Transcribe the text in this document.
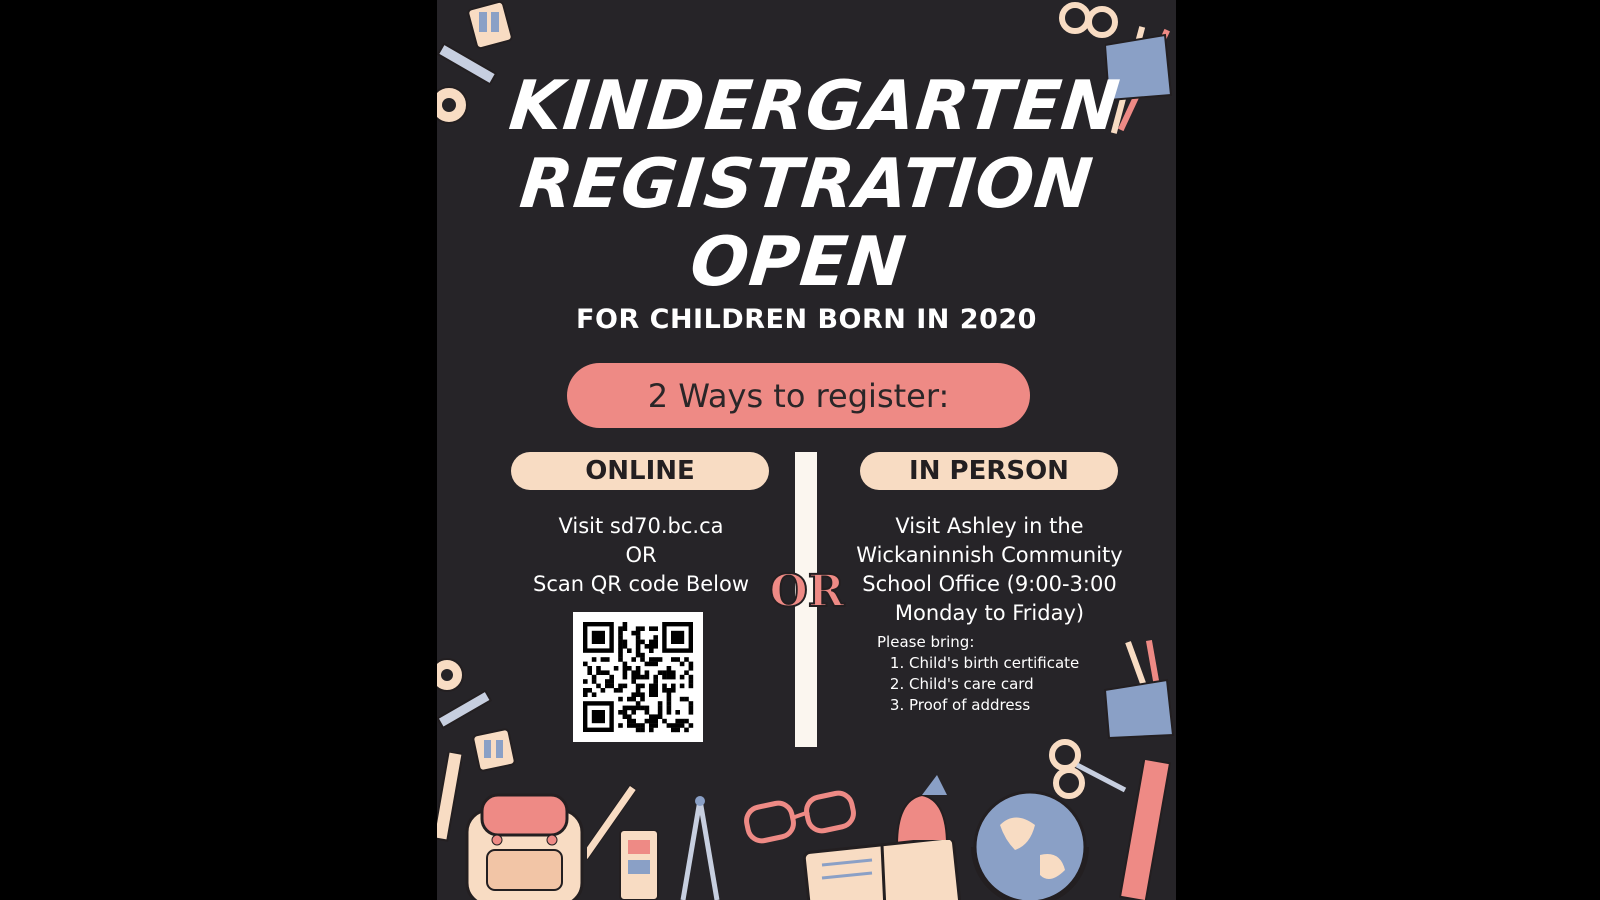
KINDERGARTEN
REGISTRATION
OPEN
FOR CHILDREN BORN IN 2020
2 Ways to register:
ONLINE	IN PERSON
OR
Visit sd70.bc.ca
OR
Scan QR code Below
Visit Ashley in the
Wickaninnish Community
School Office (9:00-3:00
Monday to Friday)
Please bring:
1. Child's birth certificate
2. Child's care card
3. Proof of address
